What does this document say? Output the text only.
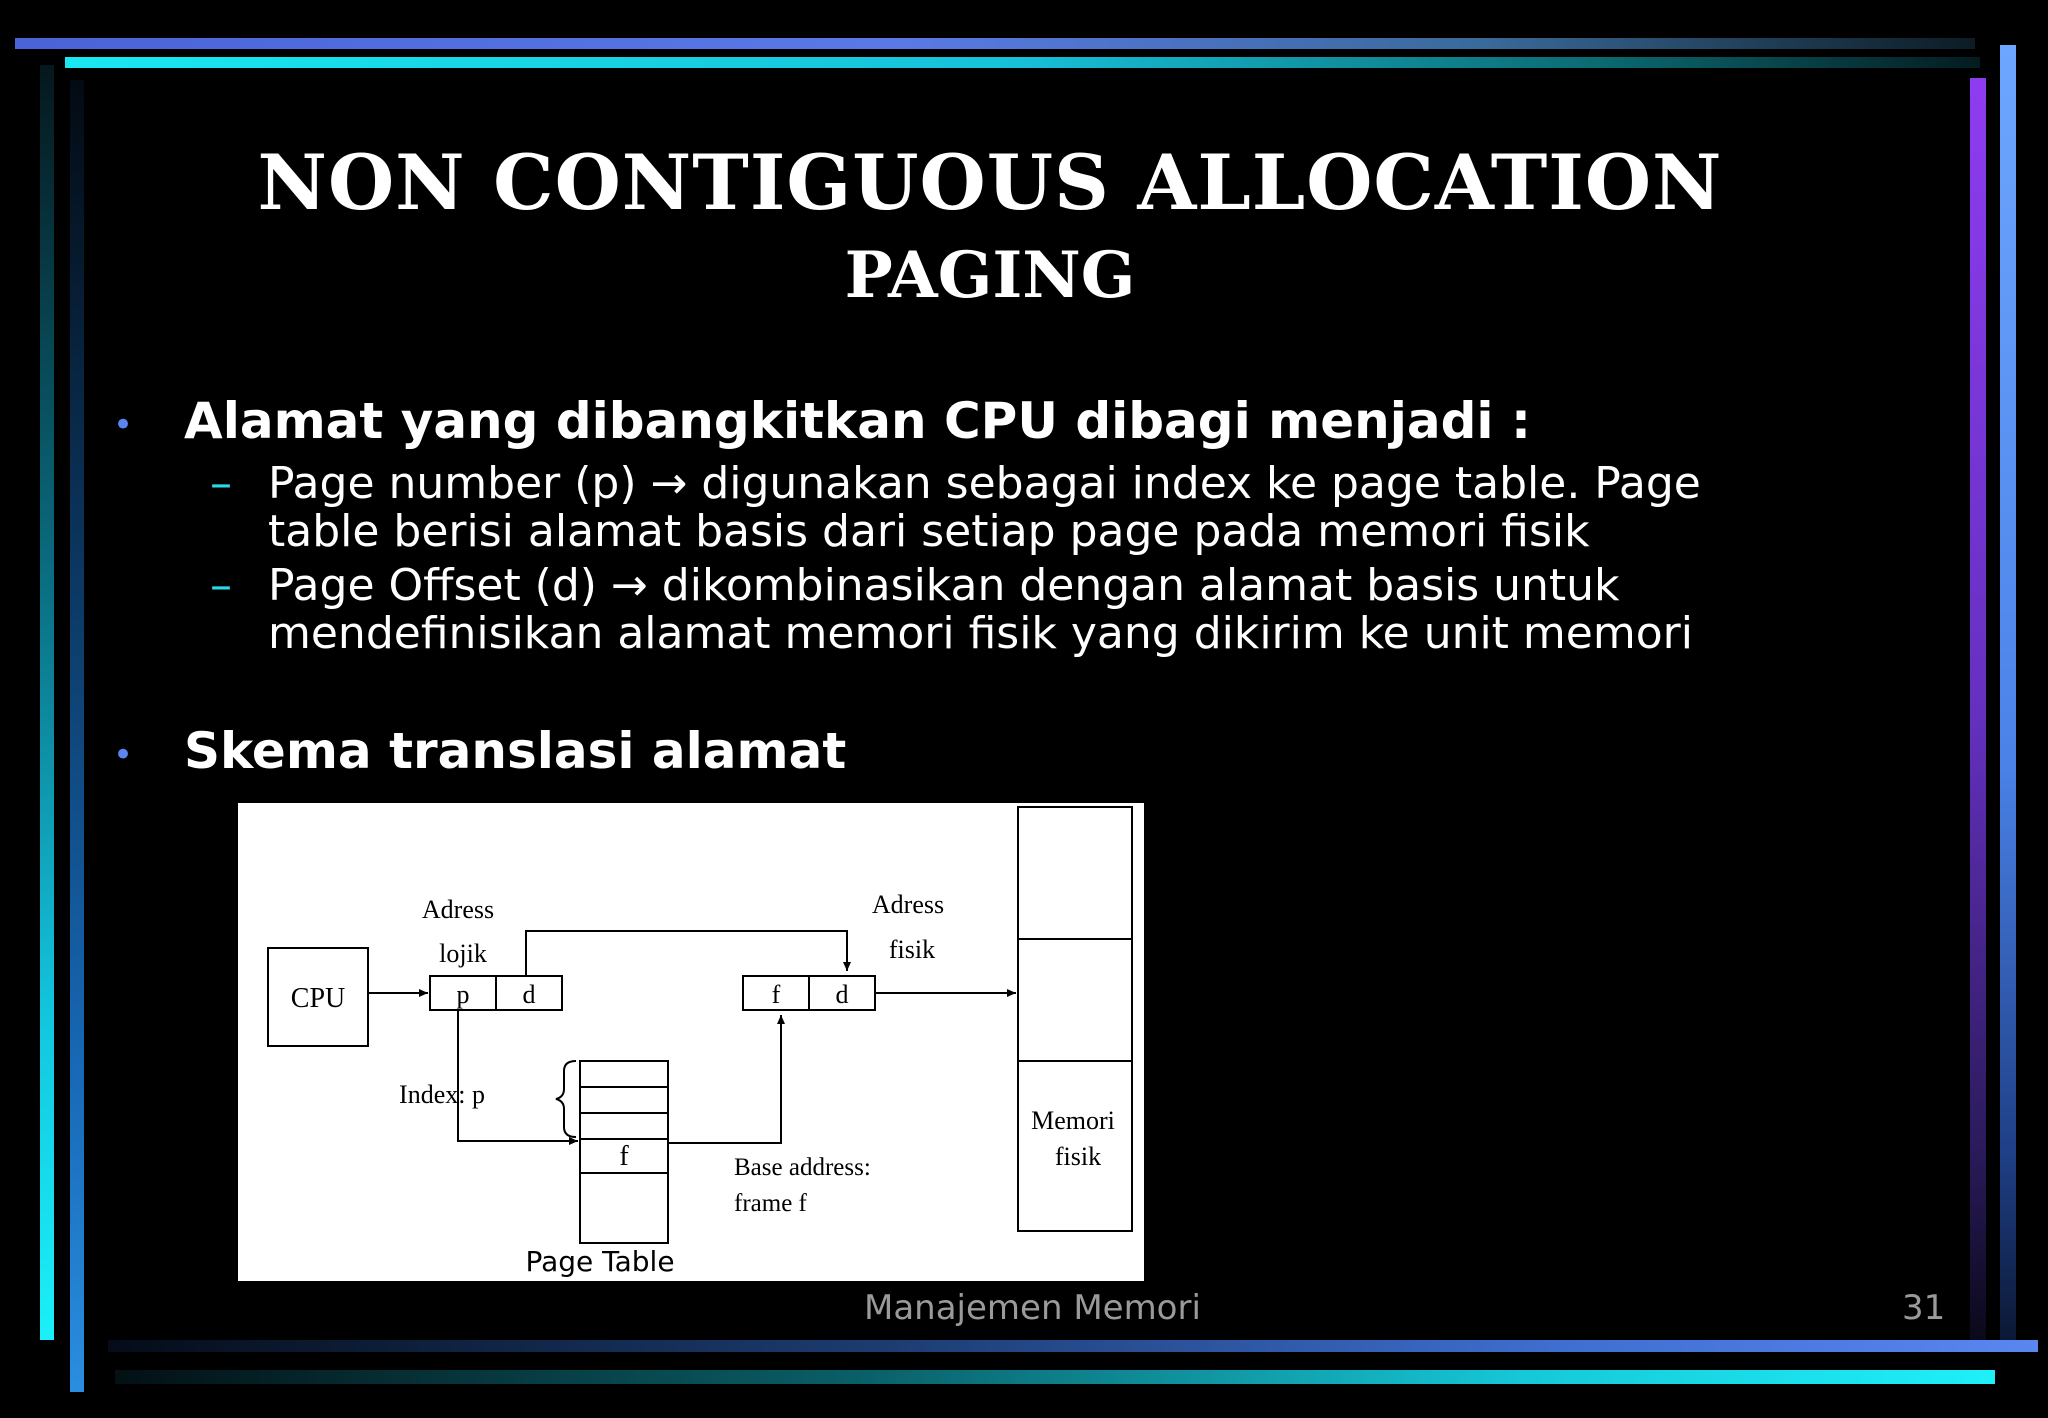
NON CONTIGUOUS ALLOCATION
PAGING
• Alamat yang dibangkitkan CPU dibagi menjadi :
– Page number (p) → digunakan sebagai index ke page table. Page
table berisi alamat basis dari setiap page pada memori fisik
– Page Offset (d) → dikombinasikan dengan alamat basis untuk
mendefinisikan alamat memori fisik yang dikirim ke unit memori
• Skema translasi alamat
CPU
Adress
lojik
p d
Index: p
f
Page Table
Base address:
frame f
Adress
fisik
f d
Memori
fisik
Manajemen Memori	31
